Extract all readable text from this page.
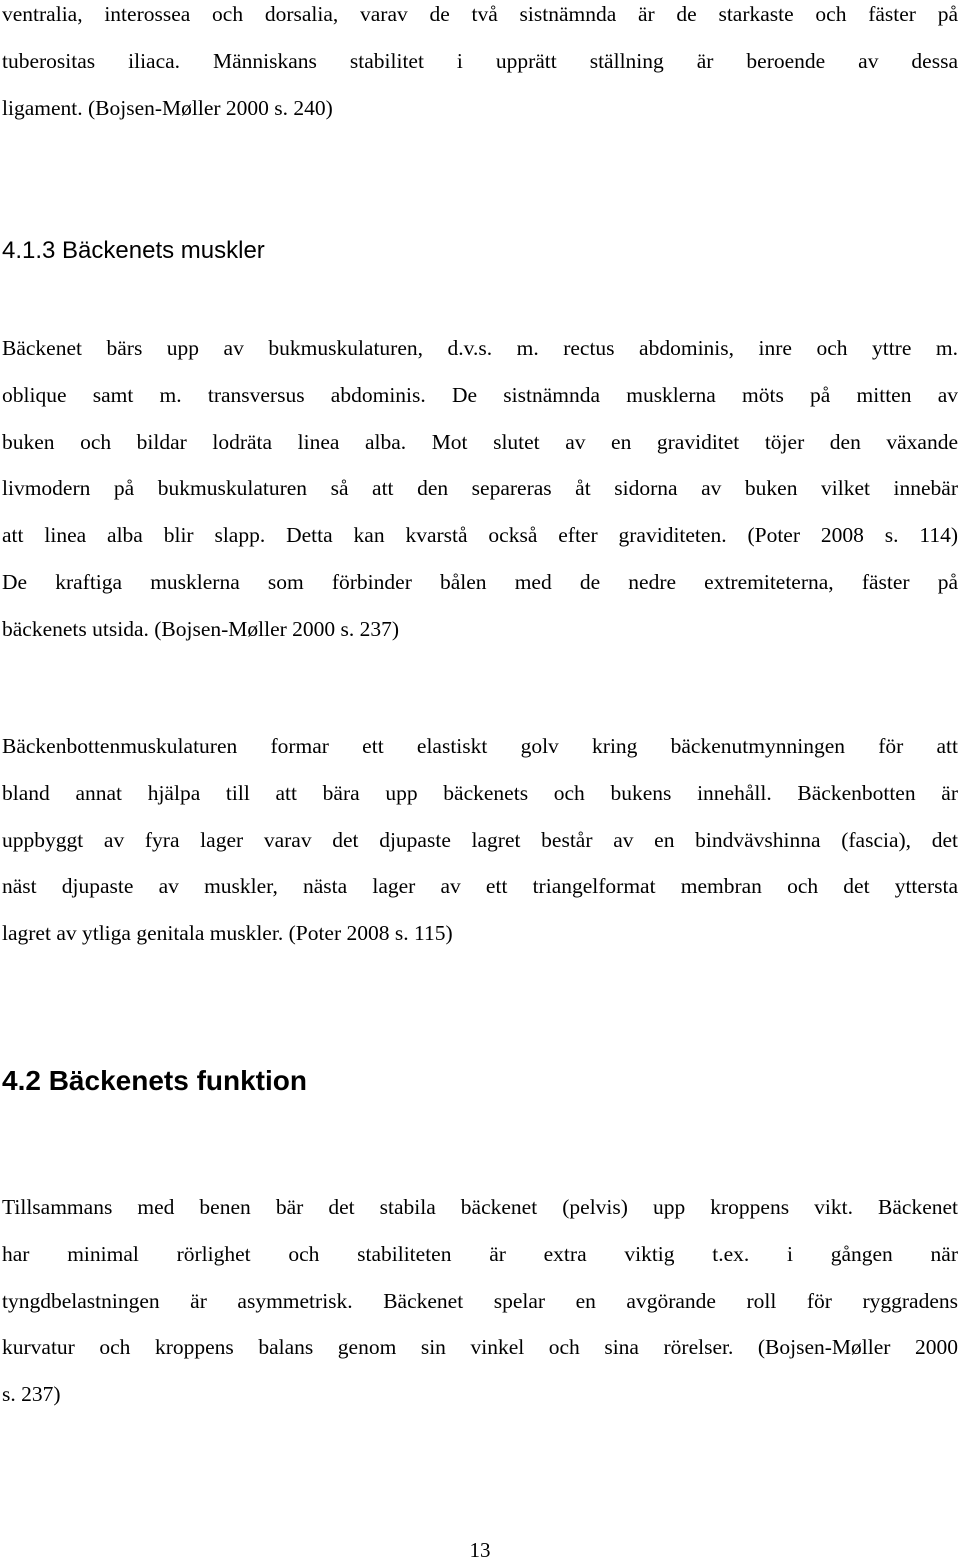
ventralia, interossea och dorsalia, varav de två sistnämnda är de starkaste och fäster på
tuberositas iliaca. Människans stabilitet i upprätt ställning är beroende av dessa
ligament. (Bojsen-Møller 2000 s. 240)

4.1.3 Bäckenets muskler

Bäckenet bärs upp av bukmuskulaturen, d.v.s. m. rectus abdominis, inre och yttre m.
oblique samt m. transversus abdominis. De sistnämnda musklerna möts på mitten av
buken och bildar lodräta linea alba. Mot slutet av en graviditet töjer den växande
livmodern på bukmuskulaturen så att den separeras åt sidorna av buken vilket innebär
att linea alba blir slapp. Detta kan kvarstå också efter graviditeten. (Poter 2008 s. 114)
De kraftiga musklerna som förbinder bålen med de nedre extremiteterna, fäster på
bäckenets utsida. (Bojsen-Møller 2000 s. 237)

Bäckenbottenmuskulaturen formar ett elastiskt golv kring bäckenutmynningen för att
bland annat hjälpa till att bära upp bäckenets och bukens innehåll. Bäckenbotten är
uppbyggt av fyra lager varav det djupaste lagret består av en bindvävshinna (fascia), det
näst djupaste av muskler, nästa lager av ett triangelformat membran och det yttersta
lagret av ytliga genitala muskler. (Poter 2008 s. 115)

4.2 Bäckenets funktion

Tillsammans med benen bär det stabila bäckenet (pelvis) upp kroppens vikt. Bäckenet
har minimal rörlighet och stabiliteten är extra viktig t.ex. i gången när
tyngdbelastningen är asymmetrisk. Bäckenet spelar en avgörande roll för ryggradens
kurvatur och kroppens balans genom sin vinkel och sina rörelser. (Bojsen-Møller 2000
s. 237)

13
